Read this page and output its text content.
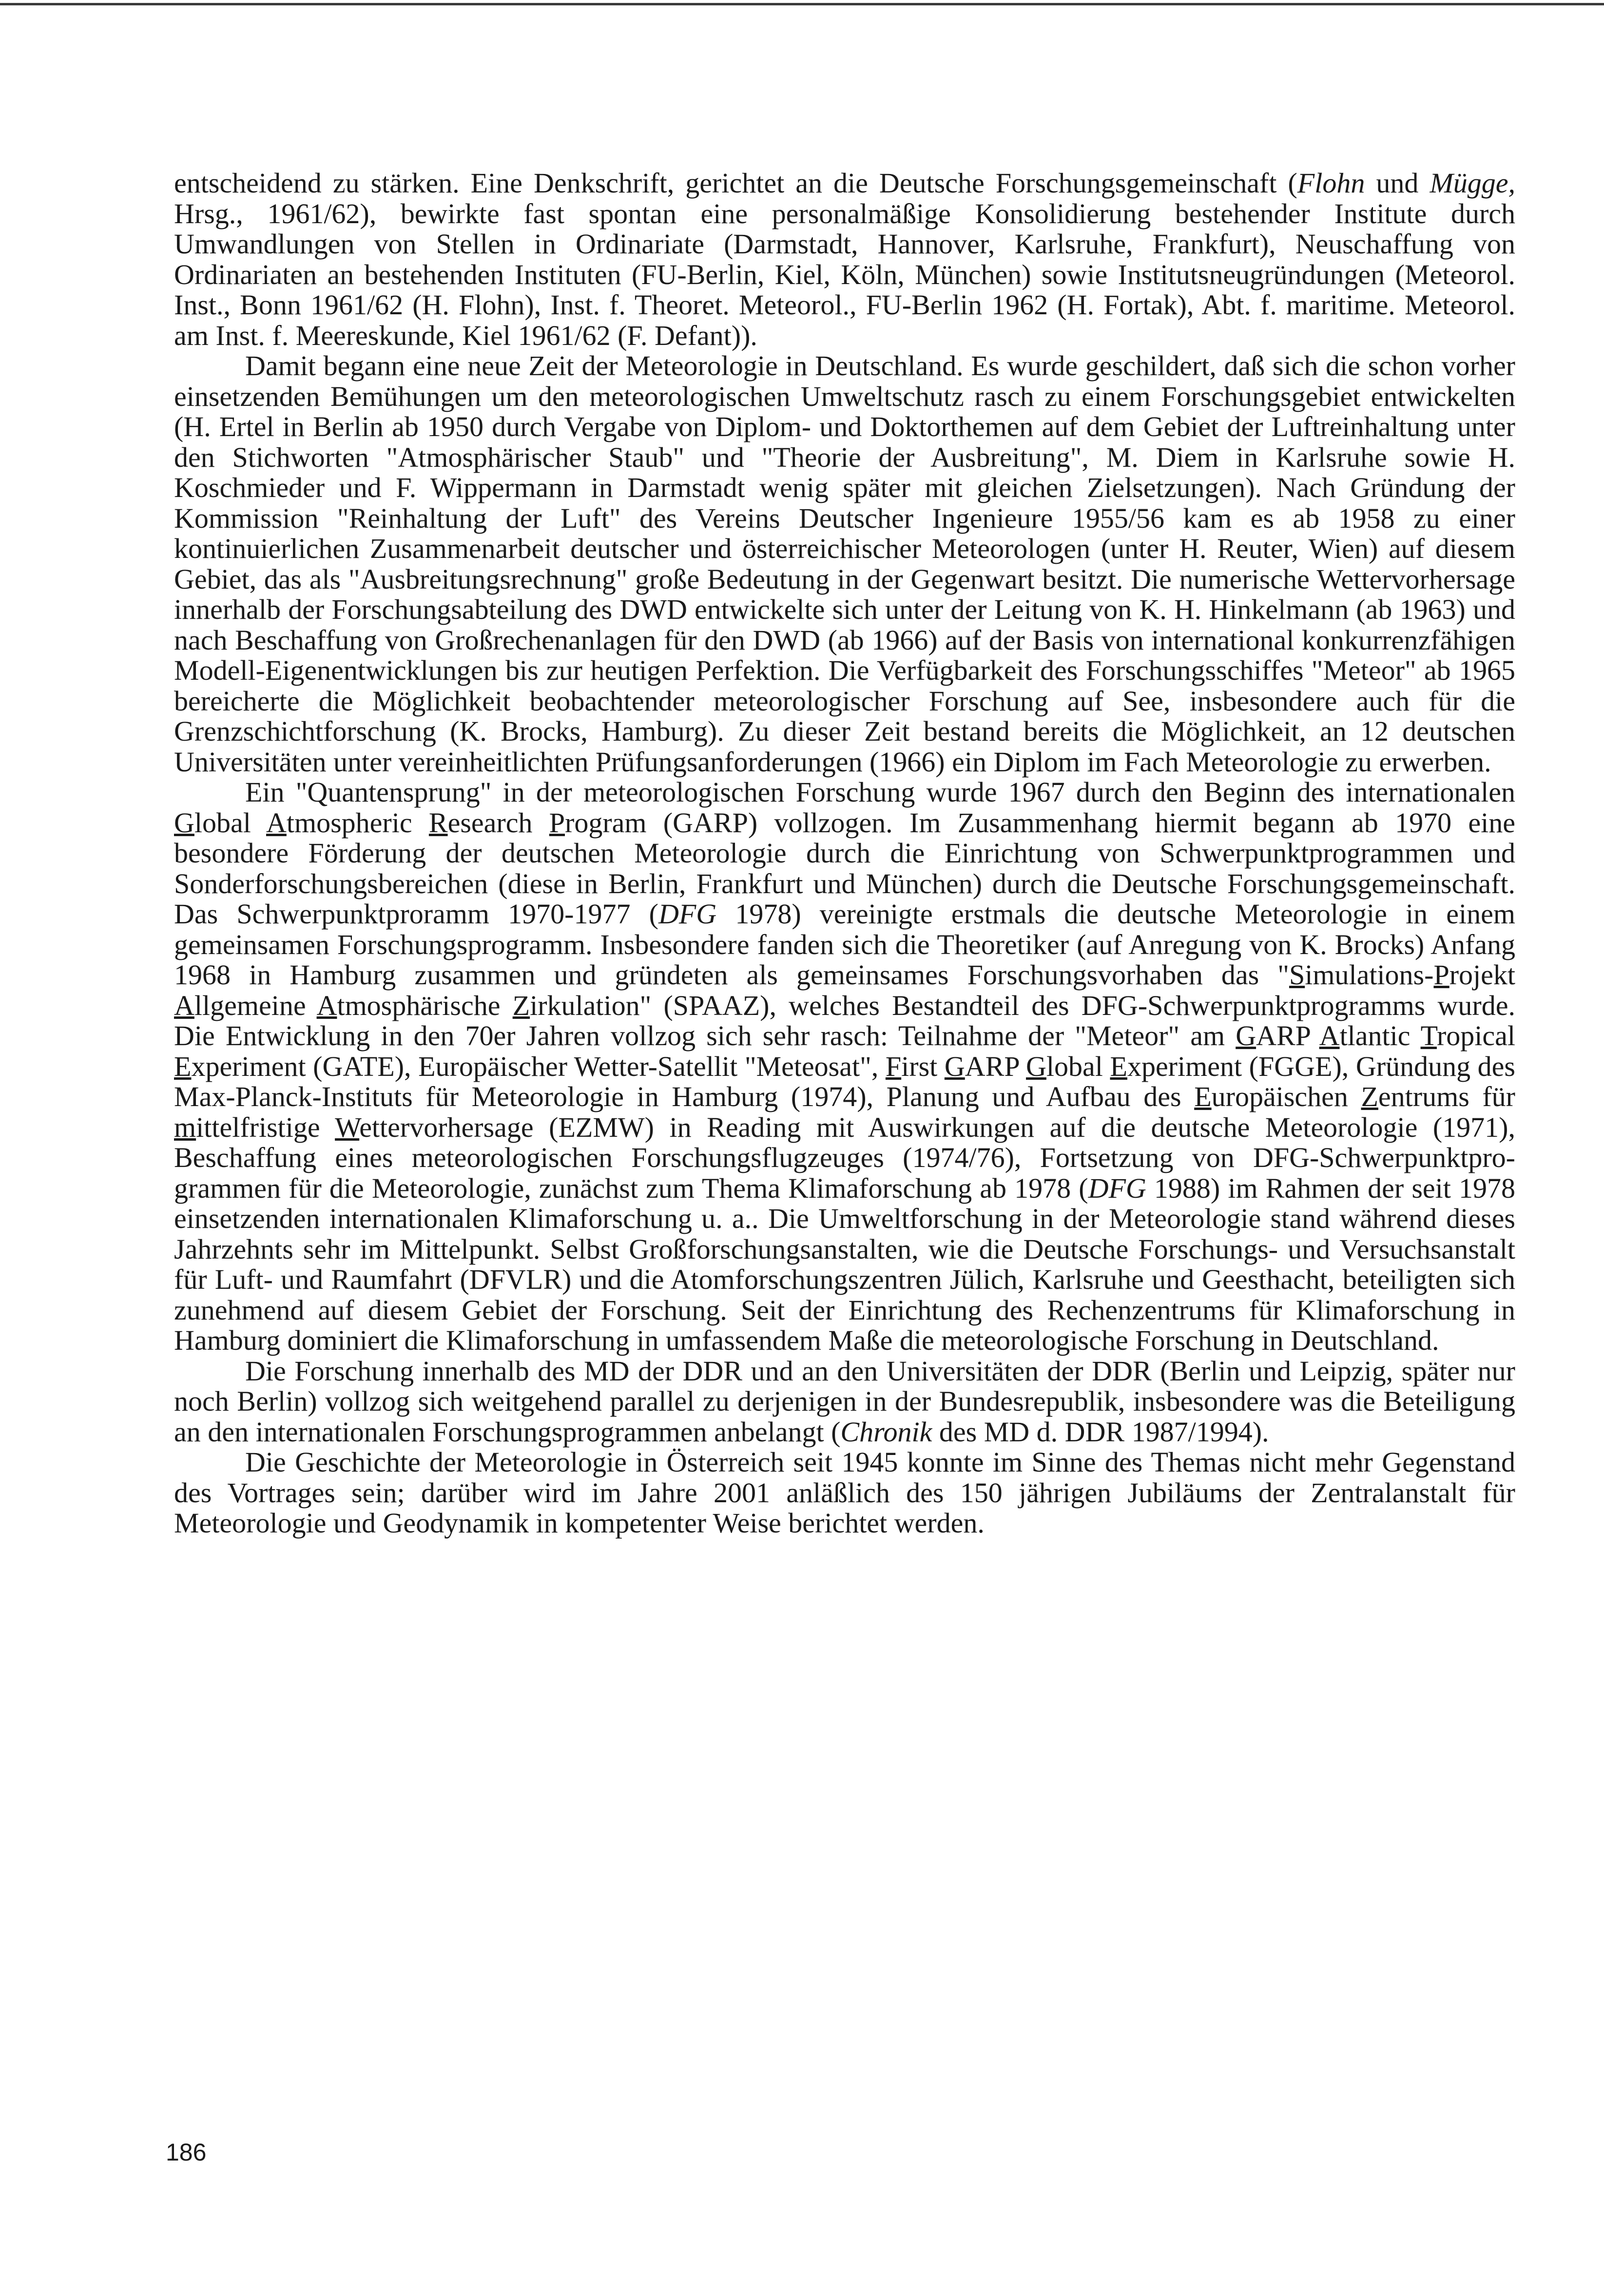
entscheidend zu stärken. Eine Denkschrift, gerichtet an die Deutsche Forschungsgemeinschaft (Flohn und Mügge, Hrsg., 1961/62), bewirkte fast spontan eine personalmäßige Konsolidierung bestehender Institute durch Umwandlungen von Stellen in Ordinariate (Darmstadt, Hannover, Karlsruhe, Frankfurt), Neuschaffung von Ordinariaten an bestehenden Instituten (FU-Berlin, Kiel, Köln, München) sowie Institutsneugründungen (Meteorol. Inst., Bonn 1961/62 (H. Flohn), Inst. f. Theoret. Meteorol., FU-Berlin 1962 (H. Fortak), Abt. f. maritime. Meteorol. am Inst. f. Meereskunde, Kiel 1961/62 (F. Defant)).

Damit begann eine neue Zeit der Meteorologie in Deutschland. Es wurde geschildert, daß sich die schon vorher einsetzenden Bemühungen um den meteorologischen Umweltschutz rasch zu einem Forschungsgebiet entwickelten (H. Ertel in Berlin ab 1950 durch Vergabe von Diplom- und Doktorthemen auf dem Gebiet der Luftreinhaltung unter den Stichworten "Atmosphärischer Staub" und "Theorie der Ausbreitung", M. Diem in Karlsruhe sowie H. Koschmieder und F. Wippermann in Darmstadt wenig später mit gleichen Zielsetzungen). Nach Gründung der Kommission "Reinhaltung der Luft" des Vereins Deutscher Ingenieure 1955/56 kam es ab 1958 zu einer kontinuierlichen Zusammenarbeit deutscher und österreichischer Meteorologen (unter H. Reuter, Wien) auf diesem Gebiet, das als "Ausbreitungsrechnung" große Bedeutung in der Gegenwart besitzt. Die numerische Wettervorhersage innerhalb der Forschungsabteilung des DWD entwickelte sich unter der Leitung von K. H. Hinkelmann (ab 1963) und nach Beschaffung von Großrechenanlagen für den DWD (ab 1966) auf der Basis von international konkurrenzfähigen Modell-Eigenentwicklungen bis zur heutigen Perfektion. Die Verfügbarkeit des Forschungsschiffes "Meteor" ab 1965 bereicherte die Möglichkeit beobachtender meteorologischer Forschung auf See, insbesondere auch für die Grenzschichtforschung (K. Brocks, Hamburg). Zu dieser Zeit bestand bereits die Möglichkeit, an 12 deutschen Universitäten unter vereinheitlichten Prüfungsanforderungen (1966) ein Diplom im Fach Meteorologie zu erwerben.

Ein "Quantensprung" in der meteorologischen Forschung wurde 1967 durch den Beginn des internationalen Global Atmospheric Research Program (GARP) vollzogen. Im Zusammenhang hiermit begann ab 1970 eine besondere Förderung der deutschen Meteorologie durch die Einrichtung von Schwerpunktprogrammen und Sonderforschungsbereichen (diese in Berlin, Frankfurt und München) durch die Deutsche Forschungsgemeinschaft. Das Schwerpunktproramm 1970-1977 (DFG 1978) vereinigte erstmals die deutsche Meteorologie in einem gemeinsamen Forschungsprogramm. Insbesondere fanden sich die Theoretiker (auf Anregung von K. Brocks) Anfang 1968 in Hamburg zusammen und gründeten als gemeinsames Forschungsvorhaben das "Simulations-Projekt Allgemeine Atmosphärische Zirkulation" (SPAAZ), welches Bestandteil des DFG-Schwerpunktprogramms wurde. Die Entwicklung in den 70er Jahren vollzog sich sehr rasch: Teilnahme der "Meteor" am GARP Atlantic Tropical Experiment (GATE), Europäischer Wetter-Satellit "Meteosat", First GARP Global Experiment (FGGE), Gründung des Max-Planck-Instituts für Meteorologie in Hamburg (1974), Planung und Aufbau des Europäischen Zentrums für mittelfristige Wettervorhersage (EZMW) in Reading mit Auswirkungen auf die deutsche Meteorologie (1971), Beschaffung eines meteorologischen Forschungsflugzeuges (1974/76), Fortsetzung von DFG-Schwerpunktprogrammen für die Meteorologie, zunächst zum Thema Klimaforschung ab 1978 (DFG 1988) im Rahmen der seit 1978 einsetzenden internationalen Klimaforschung u. a.. Die Umweltforschung in der Meteorologie stand während dieses Jahrzehnts sehr im Mittelpunkt. Selbst Großforschungsanstalten, wie die Deutsche Forschungs- und Versuchsanstalt für Luft- und Raumfahrt (DFVLR) und die Atomforschungszentren Jülich, Karlsruhe und Geesthacht, beteiligten sich zunehmend auf diesem Gebiet der Forschung. Seit der Einrichtung des Rechenzentrums für Klimaforschung in Hamburg dominiert die Klimaforschung in umfassendem Maße die meteorologische Forschung in Deutschland.

Die Forschung innerhalb des MD der DDR und an den Universitäten der DDR (Berlin und Leipzig, später nur noch Berlin) vollzog sich weitgehend parallel zu derjenigen in der Bundesrepublik, insbesondere was die Beteiligung an den internationalen Forschungsprogrammen anbelangt (Chronik des MD d. DDR 1987/1994).

Die Geschichte der Meteorologie in Österreich seit 1945 konnte im Sinne des Themas nicht mehr Gegenstand des Vortrages sein; darüber wird im Jahre 2001 anläßlich des 150 jährigen Jubiläums der Zentralanstalt für Meteorologie und Geodynamik in kompetenter Weise berichtet werden.

186
